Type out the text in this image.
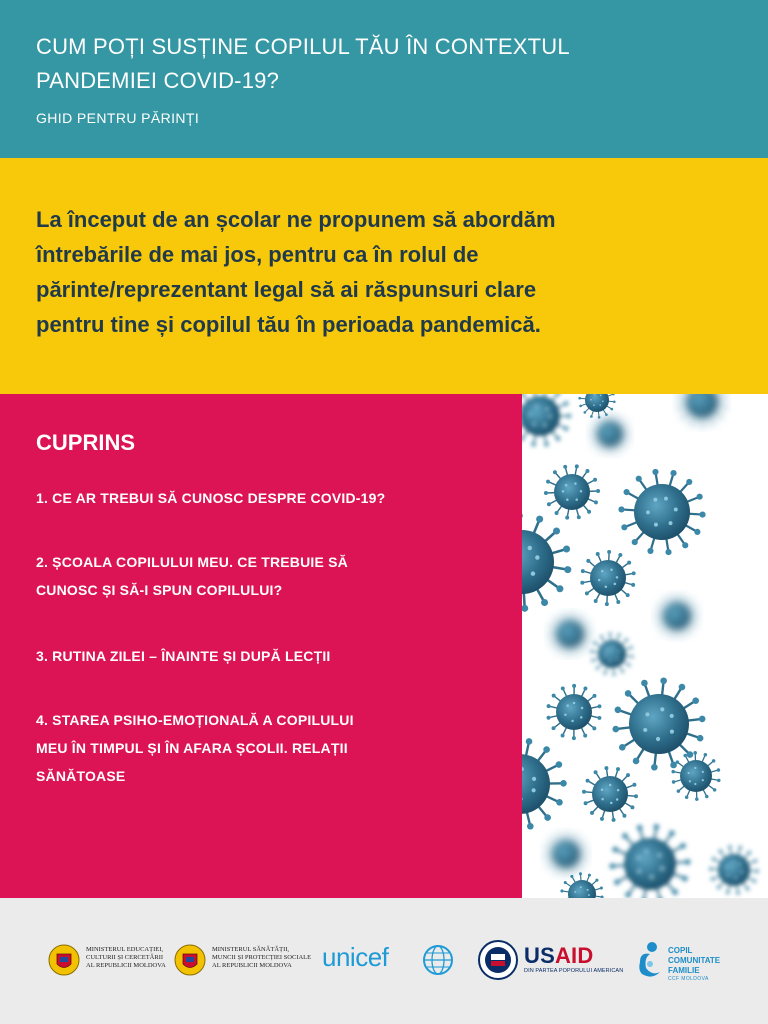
CUM POȚI SUSȚINE COPILUL TĂU ÎN CONTEXTUL
PANDEMIEI COVID-19?
GHID PENTRU PĂRINȚI
La început de an școlar ne propunem să abordăm
întrebările de mai jos, pentru ca în rolul de
părinte/reprezentant legal să ai răspunsuri clare
pentru tine și copilul tău în perioada pandemică.
CUPRINS
1. CE AR TREBUI SĂ CUNOSC DESPRE COVID-19?
2. ȘCOALA COPILULUI MEU. CE TREBUIE SĂ
CUNOSC ȘI SĂ-I SPUN COPILULUI?
3. RUTINA ZILEI – ÎNAINTE ȘI DUPĂ LECȚII
4. STAREA PSIHO-EMOȚIONALĂ A COPILULUI
MEU ÎN TIMPUL ȘI ÎN AFARA ȘCOLII. RELAȚII
SĂNĂTOASE
MINISTERUL EDUCAȚIEI,
CULTURII ȘI CERCETĂRII
AL REPUBLICII MOLDOVA
MINISTERUL SĂNĂTĂȚII,
MUNCII ȘI PROTECȚIEI SOCIALE
AL REPUBLICII MOLDOVA	unicef	USAID
DIN PARTEA POPORULUI AMERICAN
COPIL
COMUNITATE
FAMILIE
CCF MOLDOVA
